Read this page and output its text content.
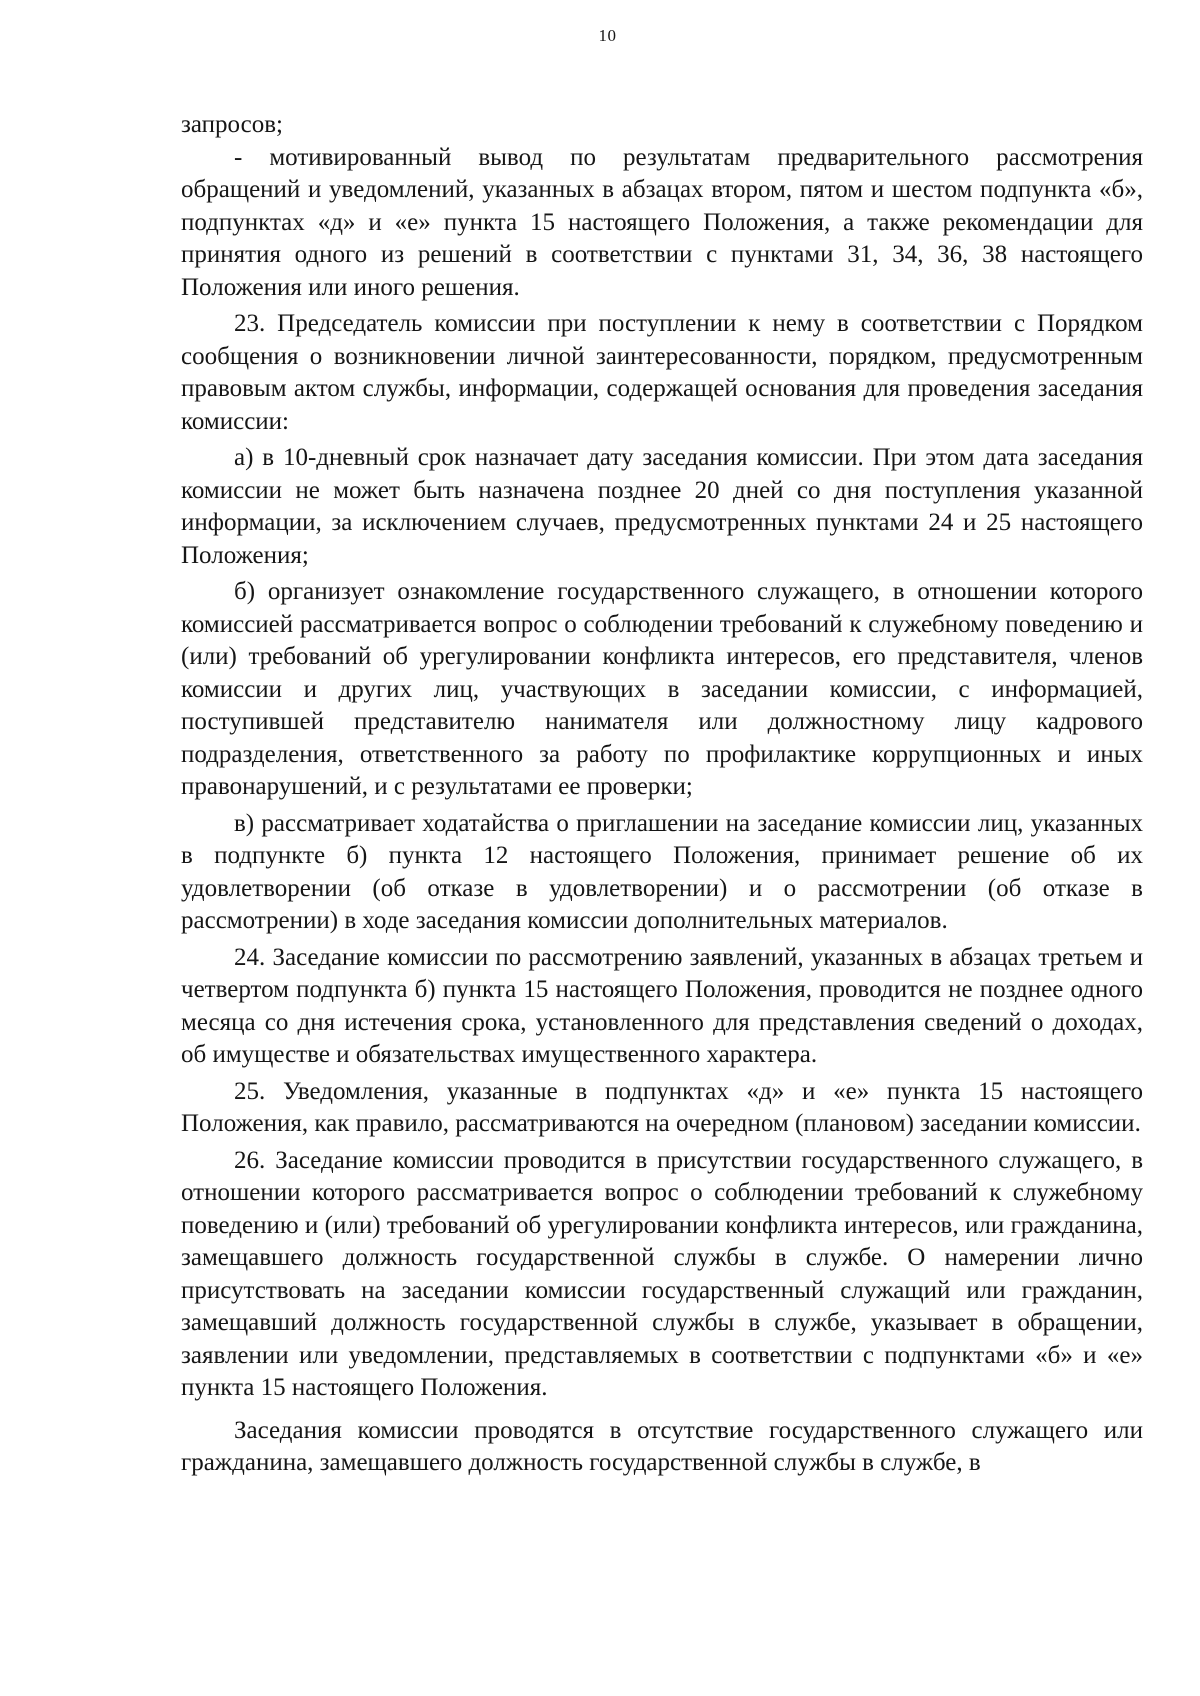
10

запросов;

- мотивированный вывод по результатам предварительного рассмотрения обращений и уведомлений, указанных в абзацах втором, пятом и шестом подпункта «б», подпунктах «д» и «е» пункта 15 настоящего Положения, а также рекомендации для принятия одного из решений в соответствии с пунктами 31, 34, 36, 38 настоящего Положения или иного решения.

23. Председатель комиссии при поступлении к нему в соответствии с Порядком сообщения о возникновении личной заинтересованности, порядком, предусмотренным правовым актом службы, информации, содержащей основания для проведения заседания комиссии:

а) в 10-дневный срок назначает дату заседания комиссии. При этом дата заседания комиссии не может быть назначена позднее 20 дней со дня поступления указанной информации, за исключением случаев, предусмотренных пунктами 24 и 25 настоящего Положения;

б) организует ознакомление государственного служащего, в отношении которого комиссией рассматривается вопрос о соблюдении требований к служебному поведению и (или) требований об урегулировании конфликта интересов, его представителя, членов комиссии и других лиц, участвующих в заседании комиссии, с информацией, поступившей представителю нанимателя или должностному лицу кадрового подразделения, ответственного за работу по профилактике коррупционных и иных правонарушений, и с результатами ее проверки;

в) рассматривает ходатайства о приглашении на заседание комиссии лиц, указанных в подпункте б) пункта 12 настоящего Положения, принимает решение об их удовлетворении (об отказе в удовлетворении) и о рассмотрении (об отказе в рассмотрении) в ходе заседания комиссии дополнительных материалов.

24. Заседание комиссии по рассмотрению заявлений, указанных в абзацах третьем и четвертом подпункта б) пункта 15 настоящего Положения, проводится не позднее одного месяца со дня истечения срока, установленного для представления сведений о доходах, об имуществе и обязательствах имущественного характера.

25. Уведомления, указанные в подпунктах «д» и «е» пункта 15 настоящего Положения, как правило, рассматриваются на очередном (плановом) заседании комиссии.

26. Заседание комиссии проводится в присутствии государственного служащего, в отношении которого рассматривается вопрос о соблюдении требований к служебному поведению и (или) требований об урегулировании конфликта интересов, или гражданина, замещавшего должность государственной службы в службе. О намерении лично присутствовать на заседании комиссии государственный служащий или гражданин, замещавший должность государственной службы в службе, указывает в обращении, заявлении или уведомлении, представляемых в соответствии с подпунктами «б» и «е» пункта 15 настоящего Положения.

Заседания комиссии проводятся в отсутствие государственного служащего или гражданина, замещавшего должность государственной службы в службе, в
